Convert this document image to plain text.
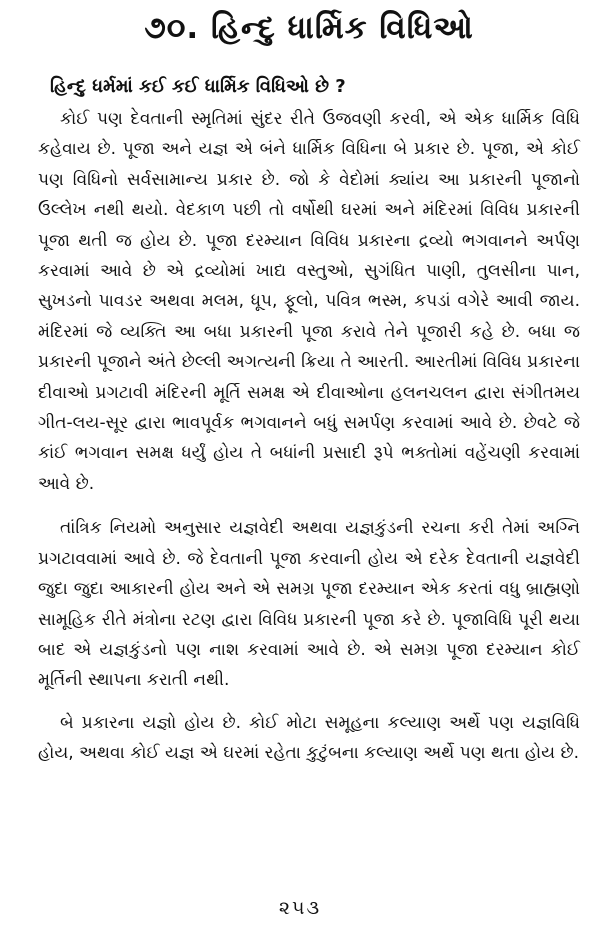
૭૦. હિન્દુ ધાર્મિક વિધિઓ

હિન્દુ ધર્મમાં કઈ કઈ ધાર્મિક વિધિઓ છે ?

કોઈ પણ દેવતાની સ્મૃતિમાં સુંદર રીતે ઉજવણી કરવી, એ એક ધાર્મિક વિધિ કહેવાય છે. પૂજા અને યજ્ઞ એ બંને ધાર્મિક વિધિના બે પ્રકાર છે. પૂજા, એ કોઈ પણ વિધિનો સર્વસામાન્ય પ્રકાર છે. જો કે વેદોમાં ક્યાંય આ પ્રકારની પૂજાનો ઉલ્લેખ નથી થયો. વેદકાળ પછી તો વર્ષોથી ઘરમાં અને મંદિરમાં વિવિધ પ્રકારની પૂજા થતી જ હોય છે. પૂજા દરમ્યાન વિવિધ પ્રકારના દ્રવ્યો ભગવાનને અર્પણ કરવામાં આવે છે એ દ્રવ્યોમાં ખાદ્ય વસ્તુઓ, સુગંધિત પાણી, તુલસીના પાન, સુખડનો પાવડર અથવા મલમ, ધૂપ, ફૂલો, પવિત્ર ભસ્મ, કપડાં વગેરે આવી જાય. મંદિરમાં જે વ્યક્તિ આ બધા પ્રકારની પૂજા કરાવે તેને પૂજારી કહે છે. બધા જ પ્રકારની પૂજાને અંતે છેલ્લી અગત્યની ક્રિયા તે આરતી. આરતીમાં વિવિધ પ્રકારના દીવાઓ પ્રગટાવી મંદિરની મૂર્તિ સમક્ષ એ દીવાઓના હલનચલન દ્વારા સંગીતમય ગીત-લય-સૂર દ્વારા ભાવપૂર્વક ભગવાનને બધું સમર્પણ કરવામાં આવે છે. છેવટે જે કાંઈ ભગવાન સમક્ષ ધર્યું હોય તે બધાંની પ્રસાદી રૂપે ભક્તોમાં વહેંચણી કરવામાં આવે છે.

તાંત્રિક નિયમો અનુસાર યજ્ઞવેદી અથવા યજ્ઞકુંડની રચના કરી તેમાં અગ્નિ પ્રગટાવવામાં આવે છે. જે દેવતાની પૂજા કરવાની હોય એ દરેક દેવતાની યજ્ઞવેદી જુદા જુદા આકારની હોય અને એ સમગ્ર પૂજા દરમ્યાન એક કરતાં વધુ બ્રાહ્મણો સામૂહિક રીતે મંત્રોના રટણ દ્વારા વિવિધ પ્રકારની પૂજા કરે છે. પૂજાવિધિ પૂરી થયા બાદ એ યજ્ઞકુંડનો પણ નાશ કરવામાં આવે છે. એ સમગ્ર પૂજા દરમ્યાન કોઈ મૂર્તિની સ્થાપના કરાતી નથી.

બે પ્રકારના યજ્ઞો હોય છે. કોઈ મોટા સમૂહના કલ્યાણ અર્થે પણ યજ્ઞવિધિ હોય, અથવા કોઈ યજ્ઞ એ ઘરમાં રહેતા કુટુંબના કલ્યાણ અર્થે પણ થતા હોય છે.

૨૫૩
